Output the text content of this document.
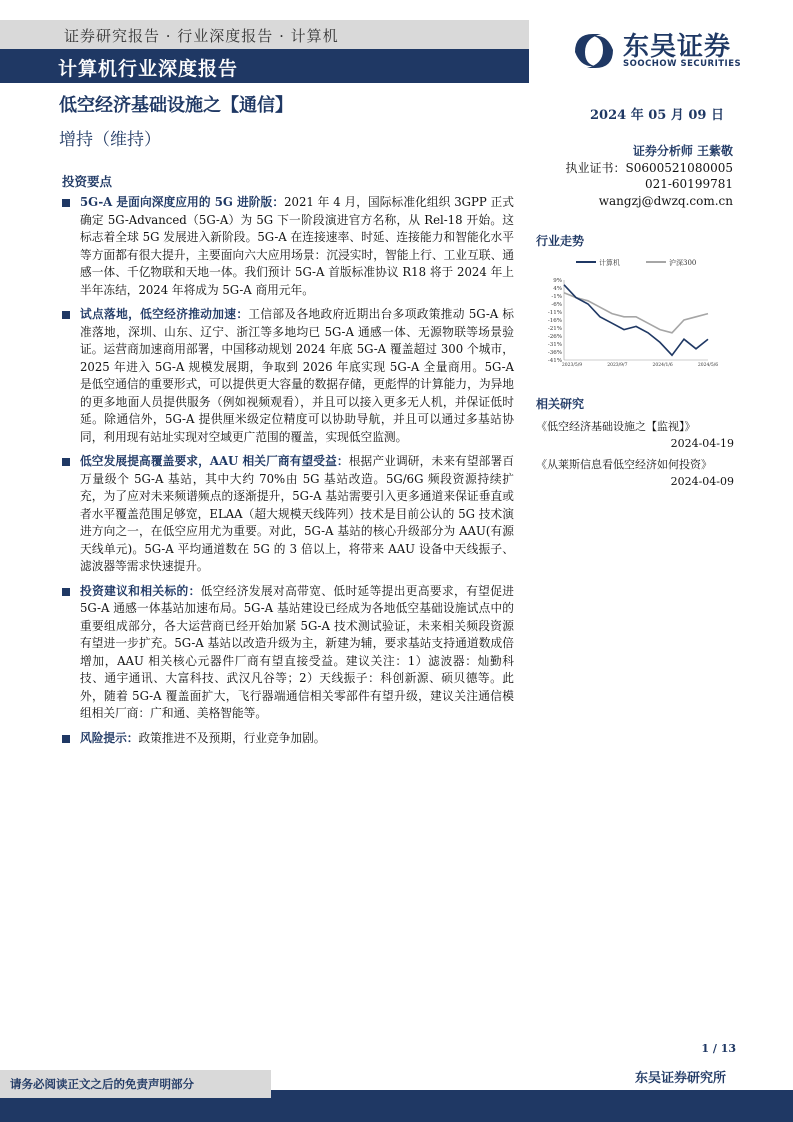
证券研究报告 · 行业深度报告 · 计算机
计算机行业深度报告
东吴证券
SOOCHOW SECURITIES
低空经济基础设施之【通信】
增持（维持）
2024 年 05 月 09 日
证券分析师 王紫敬
执业证书：S0600521080005
021-60199781
wangzj@dwzq.com.cn
投资要点
5G-A 是面向深度应用的 5G 进阶版：2021 年 4 月，国际标准化组织 3GPP 正式确定 5G-Advanced（5G-A）为 5G 下一阶段演进官方名称，从 Rel-18 开始。这标志着全球 5G 发展进入新阶段。5G-A 在连接速率、时延、连接能力和智能化水平等方面都有很大提升，主要面向六大应用场景：沉浸实时，智能上行、工业互联、通感一体、千亿物联和天地一体。我们预计 5G-A 首版标准协议 R18 将于 2024 年上半年冻结，2024 年将成为 5G-A 商用元年。
试点落地，低空经济推动加速：工信部及各地政府近期出台多项政策推动 5G-A 标准落地，深圳、山东、辽宁、浙江等多地均已 5G-A 通感一体、无源物联等场景验证。运营商加速商用部署，中国移动规划 2024 年底 5G-A 覆盖超过 300 个城市，2025 年进入 5G-A 规模发展期，争取到 2026 年底实现 5G-A 全量商用。5G-A 是低空通信的重要形式，可以提供更大容量的数据存储，更彪悍的计算能力，为异地的更多地面人员提供服务（例如视频观看），并且可以接入更多无人机，并保证低时延。除通信外，5G-A 提供厘米级定位精度可以协助导航，并且可以通过多基站协同，利用现有站址实现对空域更广范围的覆盖，实现低空监测。
低空发展提高覆盖要求，AAU 相关厂商有望受益：根据产业调研，未来有望部署百万量级个 5G-A 基站，其中大约 70%由 5G 基站改造。5G/6G 频段资源持续扩充，为了应对未来频谱频点的逐渐提升，5G-A 基站需要引入更多通道来保证垂直或者水平覆盖范围足够宽，ELAA（超大规模天线阵列）技术是目前公认的 5G 技术演进方向之一，在低空应用尤为重要。对此，5G-A 基站的核心升级部分为 AAU(有源天线单元)。5G-A 平均通道数在 5G 的 3 倍以上，将带来 AAU 设备中天线振子、滤波器等需求快速提升。
投资建议和相关标的：低空经济发展对高带宽、低时延等提出更高要求，有望促进 5G-A 通感一体基站加速布局。5G-A 基站建设已经成为各地低空基础设施试点中的重要组成部分，各大运营商已经开始加紧 5G-A 技术测试验证，未来相关频段资源有望进一步扩充。5G-A 基站以改造升级为主，新建为辅，要求基站支持通道数成倍增加，AAU 相关核心元器件厂商有望直接受益。建议关注：1）滤波器：灿勤科技、通宇通讯、大富科技、武汉凡谷等；2）天线振子：科创新源、硕贝德等。此外，随着 5G-A 覆盖面扩大，飞行器端通信相关零部件有望升级，建议关注通信模组相关厂商：广和通、美格智能等。
风险提示：政策推进不及预期，行业竞争加剧。
行业走势
计算机	沪深300
9%
4%
-1%
-6%
-11%
-16%
-21%
-26%
-31%
-36%
-41%
2023/5/9	2023/9/7	2024/1/6	2024/5/6
相关研究
《低空经济基础设施之【监视】》
2024-04-19
《从莱斯信息看低空经济如何投资》
2024-04-09
1 / 13
请务必阅读正文之后的免责声明部分	东吴证券研究所
